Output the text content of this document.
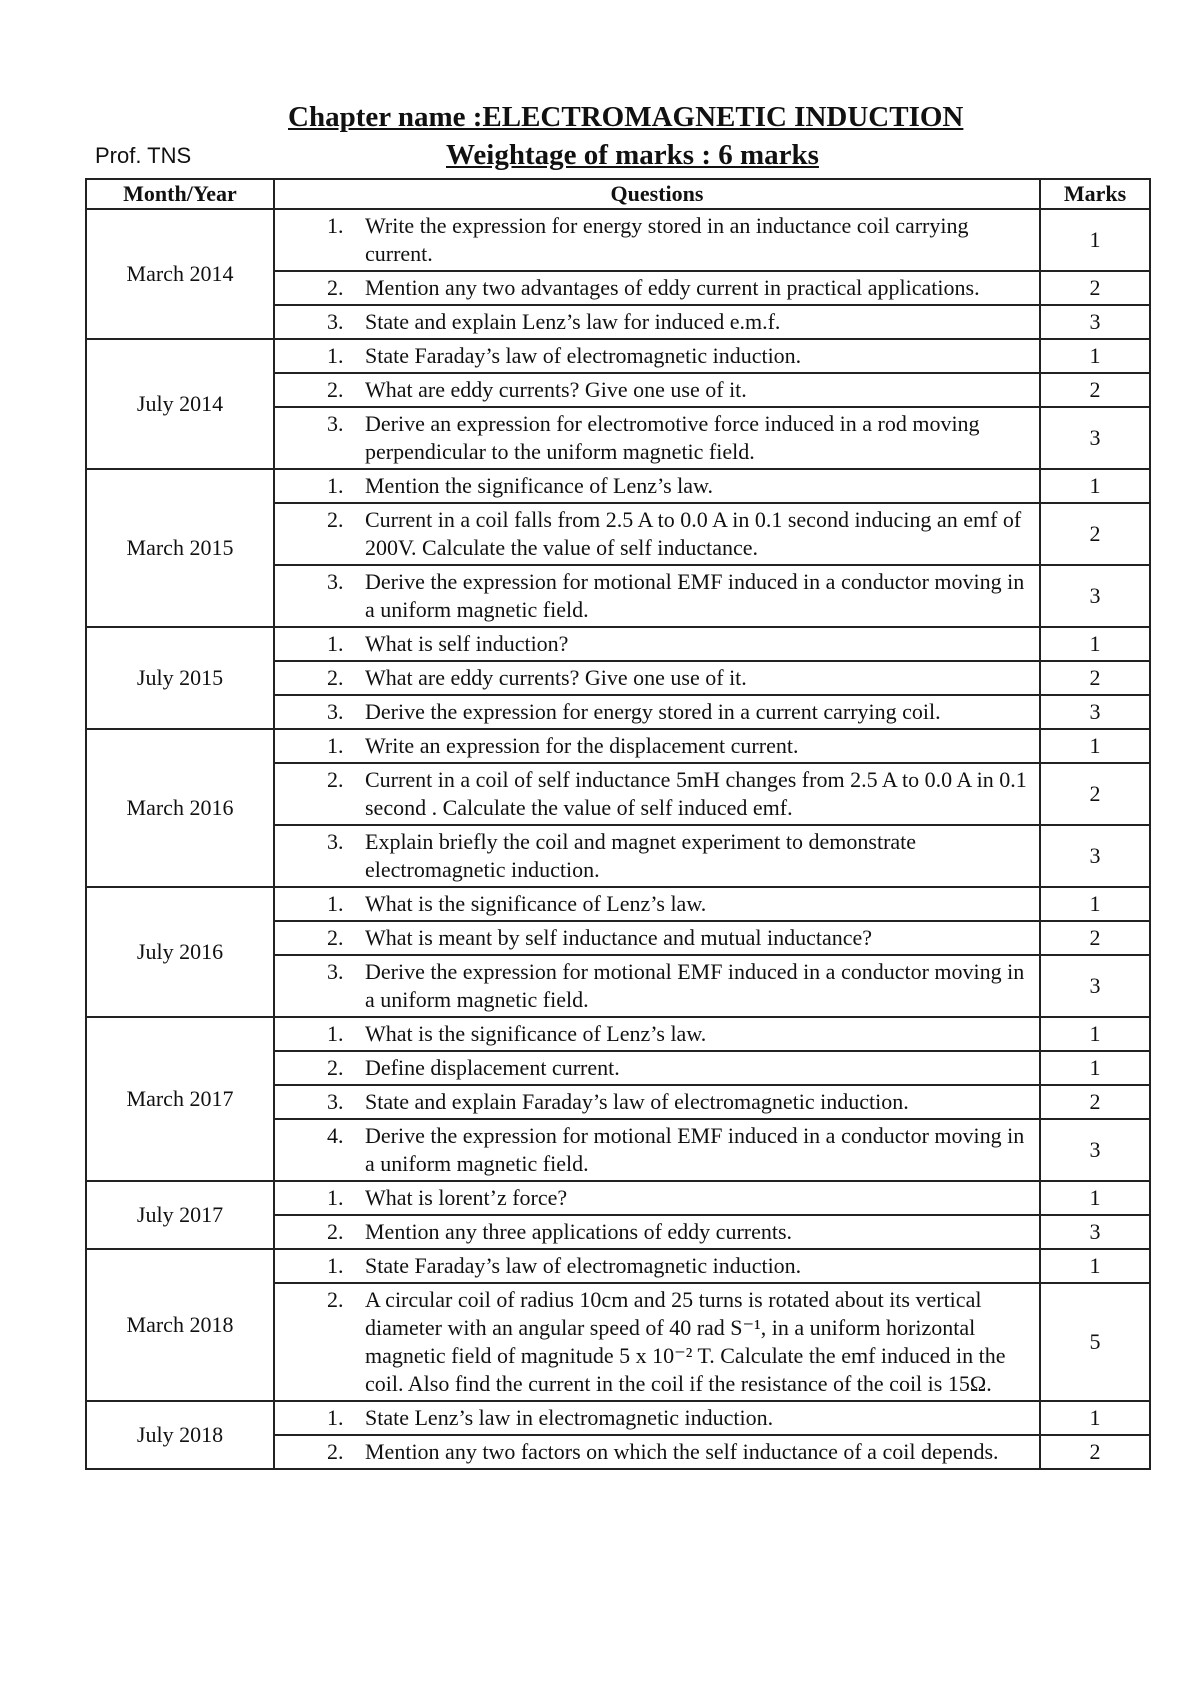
Chapter name :ELECTROMAGNETIC INDUCTION
Prof. TNS	Weightage of marks : 6 marks
Month/Year	Questions	Marks
March 2014	1. Write the expression for energy stored in an inductance coil carrying current.	1

	2. Mention any two advantages of eddy current in practical applications.	2

	3. State and explain Lenz’s law for induced e.m.f.	3
July 2014	1. State Faraday’s law of electromagnetic induction.	1

	2. What are eddy currents? Give one use of it.	2

	3. Derive an expression for electromotive force induced in a rod moving perpendicular to the uniform magnetic field.	3
March 2015	1. Mention the significance of Lenz’s law.	1

	2. Current in a coil falls from 2.5 A to 0.0 A in 0.1 second inducing an emf of 200V. Calculate the value of self inductance.	2

	3. Derive the expression for motional EMF induced in a conductor moving in a uniform magnetic field.	3
July 2015	1. What is self induction?	1

	2. What are eddy currents? Give one use of it.	2

	3. Derive the expression for energy stored in a current carrying coil.	3
March 2016	1. Write an expression for the displacement current.	1

	2. Current in a coil of self inductance 5mH changes from 2.5 A to 0.0 A in 0.1 second . Calculate the value of self induced emf.	2

	3. Explain briefly the coil and magnet experiment to demonstrate electromagnetic induction.	3
July 2016	1. What is the significance of Lenz’s law.	1

	2. What is meant by self inductance and mutual inductance?	2

	3. Derive the expression for motional EMF induced in a conductor moving in a uniform magnetic field.	3
March 2017	1. What is the significance of Lenz’s law.	1

	2. Define displacement current.	1

	3. State and explain Faraday’s law of electromagnetic induction.	2

	4. Derive the expression for motional EMF induced in a conductor moving in a uniform magnetic field.	3
July 2017	1. What is lorent’z force?	1

	2. Mention any three applications of eddy currents.	3
March 2018	1. State Faraday’s law of electromagnetic induction.	1

	2. A circular coil of radius 10cm and 25 turns is rotated about its vertical diameter with an angular speed of 40 rad S⁻¹, in a uniform horizontal magnetic field of magnitude 5 x 10⁻² T. Calculate the emf induced in the coil. Also find the current in the coil if the resistance of the coil is 15Ω.	5
July 2018	1. State Lenz’s law in electromagnetic induction.	1

	2. Mention any two factors on which the self inductance of a coil depends.	2
